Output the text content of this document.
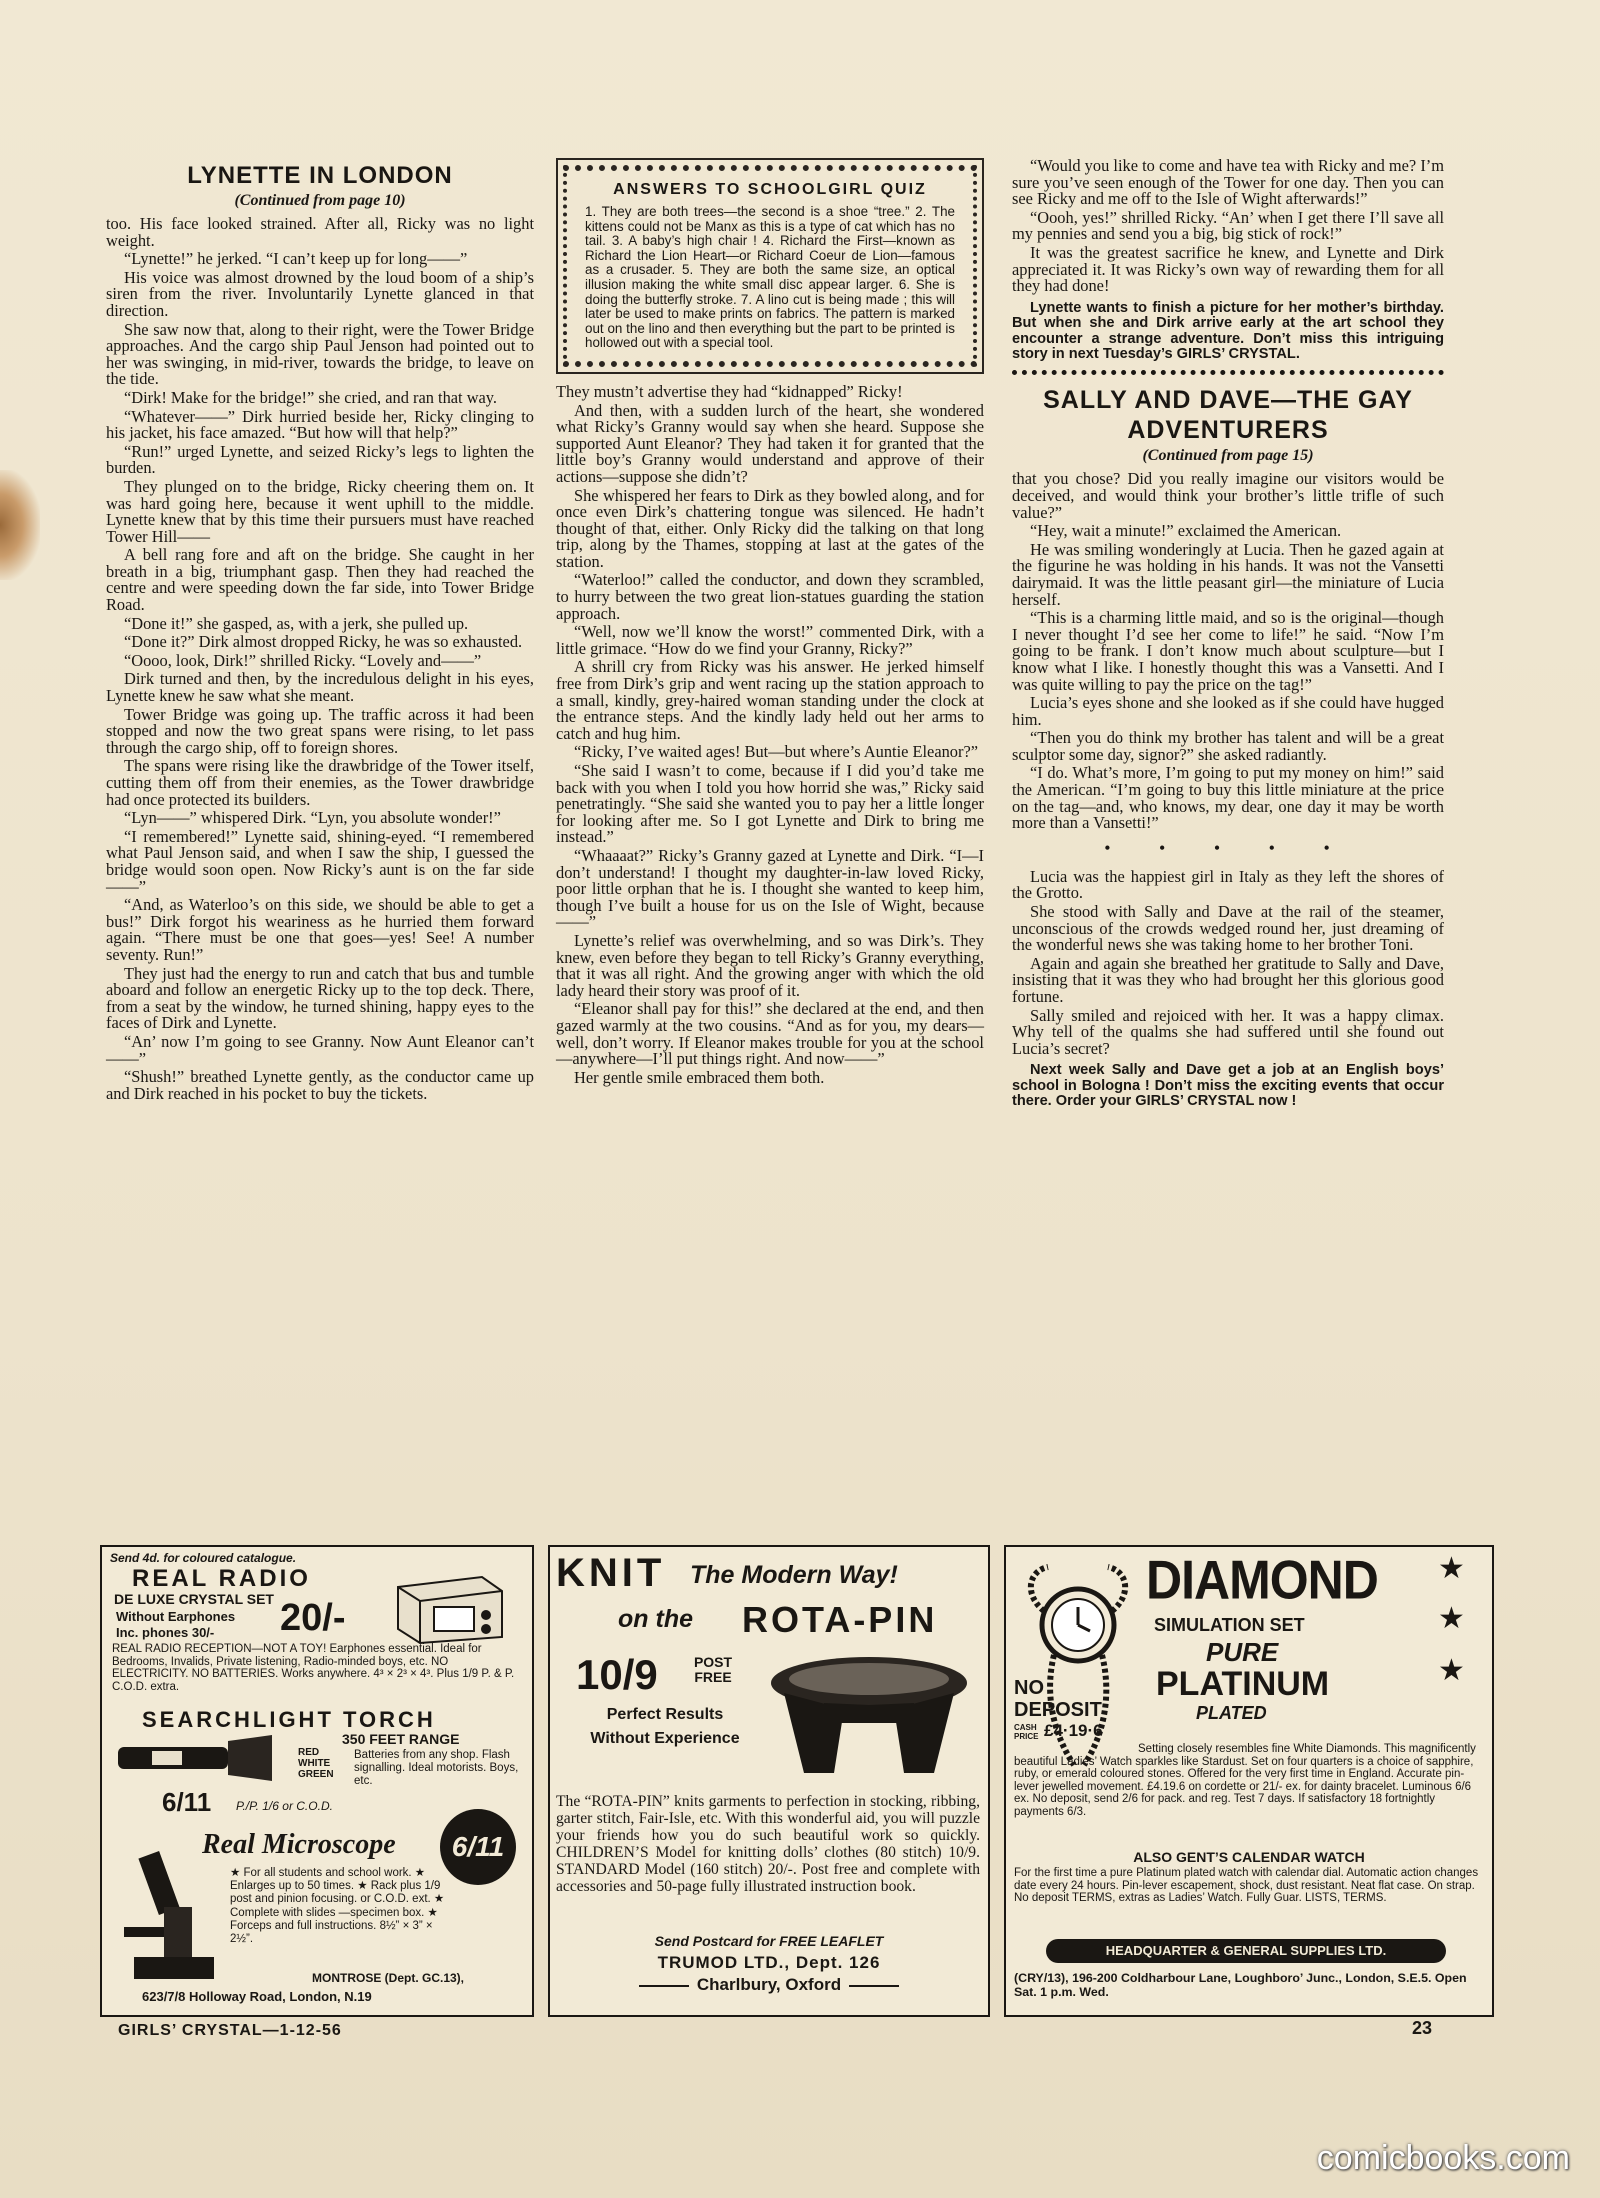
LYNETTE IN LONDON
(Continued from page 10)

too. His face looked strained. After all, Ricky was no light weight.

“Lynette!” he jerked. “I can’t keep up for long——”

His voice was almost drowned by the loud boom of a ship’s siren from the river. Involuntarily Lynette glanced in that direction.

She saw now that, along to their right, were the Tower Bridge approaches. And the cargo ship Paul Jenson had pointed out to her was swinging, in mid-river, towards the bridge, to leave on the tide.

“Dirk! Make for the bridge!” she cried, and ran that way.

“Whatever——” Dirk hurried beside her, Ricky clinging to his jacket, his face amazed. “But how will that help?”

“Run!” urged Lynette, and seized Ricky’s legs to lighten the burden.

They plunged on to the bridge, Ricky cheering them on. It was hard going here, because it went uphill to the middle. Lynette knew that by this time their pursuers must have reached Tower Hill——

A bell rang fore and aft on the bridge. She caught in her breath in a big, triumphant gasp. Then they had reached the centre and were speeding down the far side, into Tower Bridge Road.

“Done it!” she gasped, as, with a jerk, she pulled up.

“Done it?” Dirk almost dropped Ricky, he was so exhausted.

“Oooo, look, Dirk!” shrilled Ricky. “Lovely and——”

Dirk turned and then, by the incredulous delight in his eyes, Lynette knew he saw what she meant.

Tower Bridge was going up. The traffic across it had been stopped and now the two great spans were rising, to let pass through the cargo ship, off to foreign shores.

The spans were rising like the drawbridge of the Tower itself, cutting them off from their enemies, as the Tower drawbridge had once protected its builders.

“Lyn——” whispered Dirk. “Lyn, you absolute wonder!”

“I remembered!” Lynette said, shining-eyed. “I remembered what Paul Jenson said, and when I saw the ship, I guessed the bridge would soon open. Now Ricky’s aunt is on the far side——”

“And, as Waterloo’s on this side, we should be able to get a bus!” Dirk forgot his weariness as he hurried them forward again. “There must be one that goes—yes! See! A number seventy. Run!”

They just had the energy to run and catch that bus and tumble aboard and follow an energetic Ricky up to the top deck. There, from a seat by the window, he turned shining, happy eyes to the faces of Dirk and Lynette.

“An’ now I’m going to see Granny. Now Aunt Eleanor can’t——”

“Shush!” breathed Lynette gently, as the conductor came up and Dirk reached in his pocket to buy the tickets.

ANSWERS TO SCHOOLGIRL QUIZ
1. They are both trees—the second is a shoe “tree.” 2. The kittens could not be Manx as this is a type of cat which has no tail. 3. A baby’s high chair ! 4. Richard the First—known as Richard the Lion Heart—or Richard Coeur de Lion—famous as a crusader. 5. They are both the same size, an optical illusion making the white small disc appear larger. 6. She is doing the butterfly stroke. 7. A lino cut is being made ; this will later be used to make prints on fabrics. The pattern is marked out on the lino and then everything but the part to be printed is hollowed out with a special tool.

They mustn’t advertise they had “kidnapped” Ricky!

And then, with a sudden lurch of the heart, she wondered what Ricky’s Granny would say when she heard. Suppose she supported Aunt Eleanor? They had taken it for granted that the little boy’s Granny would understand and approve of their actions—suppose she didn’t?

She whispered her fears to Dirk as they bowled along, and for once even Dirk’s chattering tongue was silenced. He hadn’t thought of that, either. Only Ricky did the talking on that long trip, along by the Thames, stopping at last at the gates of the station.

“Waterloo!” called the conductor, and down they scrambled, to hurry between the two great lion-statues guarding the station approach.

“Well, now we’ll know the worst!” commented Dirk, with a little grimace. “How do we find your Granny, Ricky?”

A shrill cry from Ricky was his answer. He jerked himself free from Dirk’s grip and went racing up the station approach to a small, kindly, grey-haired woman standing under the clock at the entrance steps. And the kindly lady held out her arms to catch and hug him.

“Ricky, I’ve waited ages! But—but where’s Auntie Eleanor?”

“She said I wasn’t to come, because if I did you’d take me back with you when I told you how horrid she was,” Ricky said penetratingly. “She said she wanted you to pay her a little longer for looking after me. So I got Lynette and Dirk to bring me instead.”

“Whaaaat?” Ricky’s Granny gazed at Lynette and Dirk. “I—I don’t understand! I thought my daughter-in-law loved Ricky, poor little orphan that he is. I thought she wanted to keep him, though I’ve built a house for us on the Isle of Wight, because——”

Lynette’s relief was overwhelming, and so was Dirk’s. They knew, even before they began to tell Ricky’s Granny everything, that it was all right. And the growing anger with which the old lady heard their story was proof of it.

“Eleanor shall pay for this!” she declared at the end, and then gazed warmly at the two cousins. “And as for you, my dears—well, don’t worry. If Eleanor makes trouble for you at the school—anywhere—I’ll put things right. And now——”

Her gentle smile embraced them both.

“Would you like to come and have tea with Ricky and me? I’m sure you’ve seen enough of the Tower for one day. Then you can see Ricky and me off to the Isle of Wight afterwards!”

“Oooh, yes!” shrilled Ricky. “An’ when I get there I’ll save all my pennies and send you a big, big stick of rock!”

It was the greatest sacrifice he knew, and Lynette and Dirk appreciated it. It was Ricky’s own way of rewarding them for all they had done!

Lynette wants to finish a picture for her mother’s birthday. But when she and Dirk arrive early at the art school they encounter a strange adventure. Don’t miss this intriguing story in next Tuesday’s GIRLS’ CRYSTAL.

SALLY AND DAVE—THE GAY ADVENTURERS
(Continued from page 15)

that you chose? Did you really imagine our visitors would be deceived, and would think your brother’s little trifle of such value?”

“Hey, wait a minute!” exclaimed the American.

He was smiling wonderingly at Lucia. Then he gazed again at the figurine he was holding in his hands. It was not the Vansetti dairymaid. It was the little peasant girl—the miniature of Lucia herself.

“This is a charming little maid, and so is the original—though I never thought I’d see her come to life!” he said. “Now I’m going to be frank. I don’t know much about sculpture—but I know what I like. I honestly thought this was a Vansetti. And I was quite willing to pay the price on the tag!”

Lucia’s eyes shone and she looked as if she could have hugged him.

“Then you do think my brother has talent and will be a great sculptor some day, signor?” she asked radiantly.

“I do. What’s more, I’m going to put my money on him!” said the American. “I’m going to buy this little miniature at the price on the tag—and, who knows, my dear, one day it may be worth more than a Vansetti!”

• • • • •

Lucia was the happiest girl in Italy as they left the shores of the Grotto.

She stood with Sally and Dave at the rail of the steamer, unconscious of the crowds wedged round her, just dreaming of the wonderful news she was taking home to her brother Toni.

Again and again she breathed her gratitude to Sally and Dave, insisting that it was they who had brought her this glorious good fortune.

Sally smiled and rejoiced with her. It was a happy climax. Why tell of the qualms she had suffered until she found out Lucia’s secret?

Next week Sally and Dave get a job at an English boys’ school in Bologna ! Don’t miss the exciting events that occur there. Order your GIRLS’ CRYSTAL now !

Send 4d. for coloured catalogue.
REAL RADIO
DE LUXE CRYSTAL SET
Without Earphones
Inc. phones 30/- 20/-
REAL RADIO RECEPTION—NOT A TOY! Earphones essential. Ideal for Bedrooms, Invalids, Private listening, Radio-minded boys, etc. NO ELECTRICITY. NO BATTERIES. Works anywhere. 4³ × 2³ × 4³. Plus 1/9 P. & P. C.O.D. extra.
SEARCHLIGHT TORCH
350 FEET RANGE
RED
WHITE
GREEN
Batteries from any shop. Flash signalling. Ideal motorists. Boys, etc.
6/11 P./P. 1/6 or C.O.D.
Real Microscope 6/11
★ For all students and school work. ★ Enlarges up to 50 times. ★ Rack plus 1/9 post and pinion focusing. or C.O.D. ext. ★ Complete with slides —specimen box. ★ Forceps and full instructions. 8½” × 3” × 2½”.
MONTROSE (Dept. GC.13),
623/7/8 Holloway Road, London, N.19
KNIT The Modern Way!
on the ROTA-PIN
10/9	POST FREE
Perfect Results Without Experience
The “ROTA-PIN” knits garments to perfection in stocking, ribbing, garter stitch, Fair-Isle, etc. With this wonderful aid, you will puzzle your friends how you do such beautiful work so quickly. CHILDREN’S Model for knitting dolls’ clothes (80 stitch) 10/9. STANDARD Model (160 stitch) 20/-. Post free and complete with accessories and 50-page fully illustrated instruction book.
Send Postcard for FREE LEAFLET
TRUMOD LTD., Dept. 126
Charlbury, Oxford
DIAMOND ★
★
★
SIMULATION SET
PURE
PLATINUM
PLATED
NO DEPOSIT
CASH PRICE £4·19·6
Setting closely resembles fine White Diamonds. This magnificently beautiful Ladies’ Watch sparkles like Stardust. Set on four quarters is a choice of sapphire, ruby, or emerald coloured stones. Offered for the very first time in England. Accurate pin-lever jewelled movement. £4.19.6 on cordette or 21/- ex. for dainty bracelet. Luminous 6/6 ex. No deposit, send 2/6 for pack. and reg. Test 7 days. If satisfactory 18 fortnightly payments 6/3.
ALSO GENT’S CALENDAR WATCH
For the first time a pure Platinum plated watch with calendar dial. Automatic action changes date every 24 hours. Pin-lever escapement, shock, dust resistant. Neat flat case. On strap. No deposit TERMS, extras as Ladies’ Watch. Fully Guar. LISTS, TERMS.
HEADQUARTER & GENERAL SUPPLIES LTD.
(CRY/13), 196-200 Coldharbour Lane, Loughboro’ Junc., London, S.E.5. Open Sat. 1 p.m. Wed.
GIRLS’ CRYSTAL—1-12-56	23
comicbooks.com
